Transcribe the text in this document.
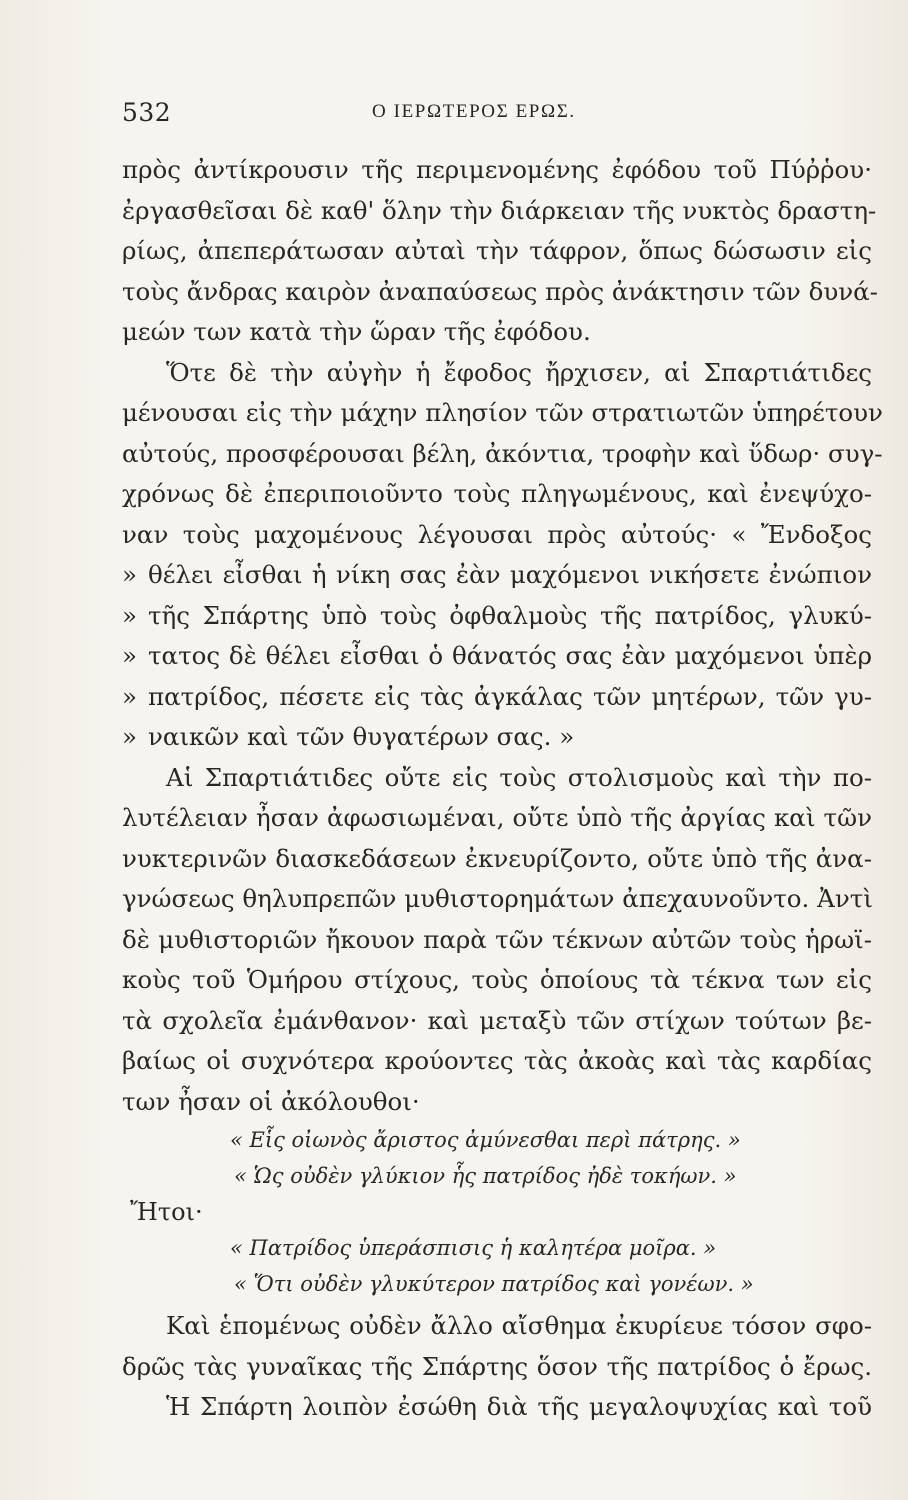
532	Ο ΙΕΡΩΤΕΡΟΣ ΕΡΩΣ.
πρὸς ἀντίκρουσιν τῆς περιμενομένης ἐφόδου τοῦ Πύῤῥου·
ἐργασθεῖσαι δὲ καθ' ὅλην τὴν διάρκειαν τῆς νυκτὸς δραστη-
ρίως, ἀπεπεράτωσαν αὐταὶ τὴν τάφρον, ὅπως δώσωσιν εἰς
τοὺς ἄνδρας καιρὸν ἀναπαύσεως πρὸς ἀνάκτησιν τῶν δυνά-
μεών των κατὰ τὴν ὥραν τῆς ἐφόδου.
Ὅτε δὲ τὴν αὐγὴν ἡ ἔφοδος ἤρχισεν, αἱ Σπαρτιάτιδες
μένουσαι εἰς τὴν μάχην πλησίον τῶν στρατιωτῶν ὑπηρέτουν
αὐτούς, προσφέρουσαι βέλη, ἀκόντια, τροφὴν καὶ ὕδωρ· συγ-
χρόνως δὲ ἐπεριποιοῦντο τοὺς πληγωμένους, καὶ ἐνεψύχο-
ναν τοὺς μαχομένους λέγουσαι πρὸς αὐτούς· « Ἔνδοξος
» θέλει εἶσθαι ἡ νίκη σας ἐὰν μαχόμενοι νικήσετε ἐνώπιον
» τῆς Σπάρτης ὑπὸ τοὺς ὀφθαλμοὺς τῆς πατρίδος, γλυκύ-
» τατος δὲ θέλει εἶσθαι ὁ θάνατός σας ἐὰν μαχόμενοι ὑπὲρ
» πατρίδος, πέσετε εἰς τὰς ἀγκάλας τῶν μητέρων, τῶν γυ-
» ναικῶν καὶ τῶν θυγατέρων σας. »
Αἱ Σπαρτιάτιδες οὔτε εἰς τοὺς στολισμοὺς καὶ τὴν πο-
λυτέλειαν ἦσαν ἀφωσιωμέναι, οὔτε ὑπὸ τῆς ἀργίας καὶ τῶν
νυκτερινῶν διασκεδάσεων ἐκνευρίζοντο, οὔτε ὑπὸ τῆς ἀνα-
γνώσεως θηλυπρεπῶν μυθιστορημάτων ἀπεχαυνοῦντο. Ἀντὶ
δὲ μυθιστοριῶν ἤκουον παρὰ τῶν τέκνων αὐτῶν τοὺς ἡρωϊ-
κοὺς τοῦ Ὁμήρου στίχους, τοὺς ὁποίους τὰ τέκνα των εἰς
τὰ σχολεῖα ἐμάνθανον· καὶ μεταξὺ τῶν στίχων τούτων βε-
βαίως οἱ συχνότερα κρούοντες τὰς ἀκοὰς καὶ τὰς καρδίας
των ἦσαν οἱ ἀκόλουθοι·
« Εἷς οἰωνὸς ἄριστος ἀμύνεσθαι περὶ πάτρης. »
« Ὡς οὐδὲν γλύκιον ἧς πατρίδος ἠδὲ τοκήων. »
Ἤτοι·
« Πατρίδος ὑπεράσπισις ἡ καλητέρα μοῖρα. »
« Ὅτι οὐδὲν γλυκύτερον πατρίδος καὶ γονέων. »
Καὶ ἑπομένως οὐδὲν ἄλλο αἴσθημα ἐκυρίευε τόσον σφο-
δρῶς τὰς γυναῖκας τῆς Σπάρτης ὅσον τῆς πατρίδος ὁ ἔρως.
Ἡ Σπάρτη λοιπὸν ἐσώθη διὰ τῆς μεγαλοψυχίας καὶ τοῦ
